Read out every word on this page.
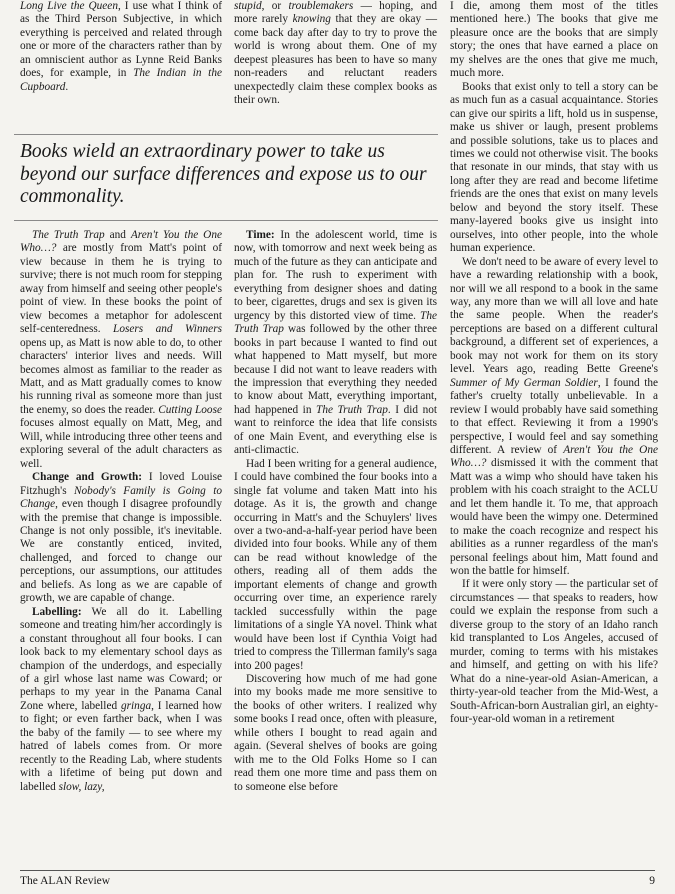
Long Live the Queen, I use what I think of as the Third Person Subjective, in which everything is perceived and related through one or more of the characters rather than by an omniscient author as Lynne Reid Banks does, for example, in The Indian in the Cupboard.

stupid, or troublemakers — hoping, and more rarely knowing that they are okay — come back day after day to try to prove the world is wrong about them. One of my deepest pleasures has been to have so many non-readers and reluctant readers unexpectedly claim these complex books as their own.

Books wield an extraordinary power to take us beyond our surface differences and expose us to our commonality.

The Truth Trap and Aren't You the One Who…? are mostly from Matt's point of view because in them he is trying to survive; there is not much room for stepping away from himself and seeing other people's point of view. In these books the point of view becomes a metaphor for adolescent self-centeredness. Losers and Winners opens up, as Matt is now able to do, to other characters' interior lives and needs. Will becomes almost as familiar to the reader as Matt, and as Matt gradually comes to know his running rival as someone more than just the enemy, so does the reader. Cutting Loose focuses almost equally on Matt, Meg, and Will, while introducing three other teens and exploring several of the adult characters as well.

Change and Growth: I loved Louise Fitzhugh's Nobody's Family is Going to Change, even though I disagree profoundly with the premise that change is impossible. Change is not only possible, it's inevitable. We are constantly enticed, invited, challenged, and forced to change our perceptions, our assumptions, our attitudes and beliefs. As long as we are capable of growth, we are capable of change.

Labelling: We all do it. Labelling someone and treating him/her accordingly is a constant throughout all four books. I can look back to my elementary school days as champion of the underdogs, and especially of a girl whose last name was Coward; or perhaps to my year in the Panama Canal Zone where, labelled gringa, I learned how to fight; or even farther back, when I was the baby of the family — to see where my hatred of labels comes from. Or more recently to the Reading Lab, where students with a lifetime of being put down and labelled slow, lazy,

Time: In the adolescent world, time is now, with tomorrow and next week being as much of the future as they can anticipate and plan for. The rush to experiment with everything from designer shoes and dating to beer, cigarettes, drugs and sex is given its urgency by this distorted view of time. The Truth Trap was followed by the other three books in part because I wanted to find out what happened to Matt myself, but more because I did not want to leave readers with the impression that everything they needed to know about Matt, everything important, had happened in The Truth Trap. I did not want to reinforce the idea that life consists of one Main Event, and everything else is anti-climactic.

Had I been writing for a general audience, I could have combined the four books into a single fat volume and taken Matt into his dotage. As it is, the growth and change occurring in Matt's and the Schuylers' lives over a two-and-a-half-year period have been divided into four books. While any of them can be read without knowledge of the others, reading all of them adds the important elements of change and growth occurring over time, an experience rarely tackled successfully within the page limitations of a single YA novel. Think what would have been lost if Cynthia Voigt had tried to compress the Tillerman family's saga into 200 pages!

Discovering how much of me had gone into my books made me more sensitive to the books of other writers. I realized why some books I read once, often with pleasure, while others I bought to read again and again. (Several shelves of books are going with me to the Old Folks Home so I can read them one more time and pass them on to someone else before

I die, among them most of the titles mentioned here.) The books that give me pleasure once are the books that are simply story; the ones that have earned a place on my shelves are the ones that give me much, much more.

Books that exist only to tell a story can be as much fun as a casual acquaintance. Stories can give our spirits a lift, hold us in suspense, make us shiver or laugh, present problems and possible solutions, take us to places and times we could not otherwise visit. The books that resonate in our minds, that stay with us long after they are read and become lifetime friends are the ones that exist on many levels below and beyond the story itself. These many-layered books give us insight into ourselves, into other people, into the whole human experience.

We don't need to be aware of every level to have a rewarding relationship with a book, nor will we all respond to a book in the same way, any more than we will all love and hate the same people. When the reader's perceptions are based on a different cultural background, a different set of experiences, a book may not work for them on its story level. Years ago, reading Bette Greene's Summer of My German Soldier, I found the father's cruelty totally unbelievable. In a review I would probably have said something to that effect. Reviewing it from a 1990's perspective, I would feel and say something different. A review of Aren't You the One Who…? dismissed it with the comment that Matt was a wimp who should have taken his problem with his coach straight to the ACLU and let them handle it. To me, that approach would have been the wimpy one. Determined to make the coach recognize and respect his abilities as a runner regardless of the man's personal feelings about him, Matt found and won the battle for himself.

If it were only story — the particular set of circumstances — that speaks to readers, how could we explain the response from such a diverse group to the story of an Idaho ranch kid transplanted to Los Angeles, accused of murder, coming to terms with his mistakes and himself, and getting on with his life? What do a nine-year-old Asian-American, a thirty-year-old teacher from the Mid-West, a South-African-born Australian girl, an eighty-four-year-old woman in a retirement

The ALAN Review	9
